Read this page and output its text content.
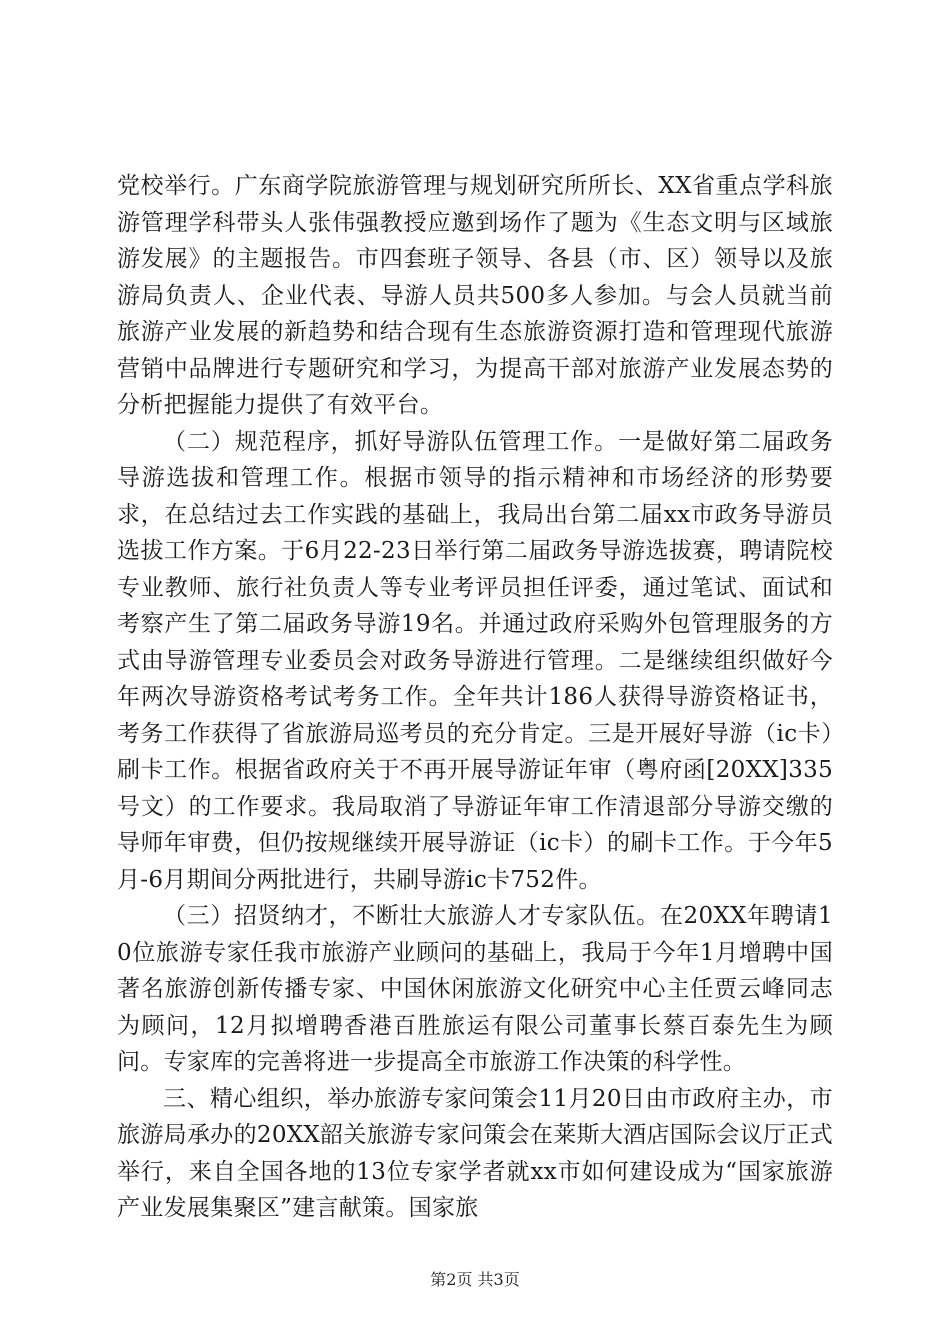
党校举行。广东商学院旅游管理与规划研究所所长、XX省重点学科旅游管理学科带头人张伟强教授应邀到场作了题为《生态文明与区域旅游发展》的主题报告。市四套班子领导、各县（市、区）领导以及旅游局负责人、企业代表、导游人员共500多人参加。与会人员就当前旅游产业发展的新趋势和结合现有生态旅游资源打造和管理现代旅游营销中品牌进行专题研究和学习，为提高干部对旅游产业发展态势的分析把握能力提供了有效平台。

（二）规范程序，抓好导游队伍管理工作。一是做好第二届政务导游选拔和管理工作。根据市领导的指示精神和市场经济的形势要求，在总结过去工作实践的基础上，我局出台第二届xx市政务导游员选拔工作方案。于6月22-23日举行第二届政务导游选拔赛，聘请院校专业教师、旅行社负责人等专业考评员担任评委，通过笔试、面试和考察产生了第二届政务导游19名。并通过政府采购外包管理服务的方式由导游管理专业委员会对政务导游进行管理。二是继续组织做好今年两次导游资格考试考务工作。全年共计186人获得导游资格证书，考务工作获得了省旅游局巡考员的充分肯定。三是开展好导游（ic卡）刷卡工作。根据省政府关于不再开展导游证年审（粤府函[20XX]335号文）的工作要求。我局取消了导游证年审工作清退部分导游交缴的导师年审费，但仍按规继续开展导游证（ic卡）的刷卡工作。于今年5月-6月期间分两批进行，共刷导游ic卡752件。

（三）招贤纳才，不断壮大旅游人才专家队伍。在20XX年聘请10位旅游专家任我市旅游产业顾问的基础上，我局于今年1月增聘中国著名旅游创新传播专家、中国休闲旅游文化研究中心主任贾云峰同志为顾问，12月拟增聘香港百胜旅运有限公司董事长蔡百泰先生为顾问。专家库的完善将进一步提高全市旅游工作决策的科学性。

三、精心组织，举办旅游专家问策会11月20日由市政府主办，市旅游局承办的20XX韶关旅游专家问策会在莱斯大酒店国际会议厅正式举行，来自全国各地的13位专家学者就xx市如何建设成为“国家旅游产业发展集聚区”建言献策。国家旅

第2页 共3页
